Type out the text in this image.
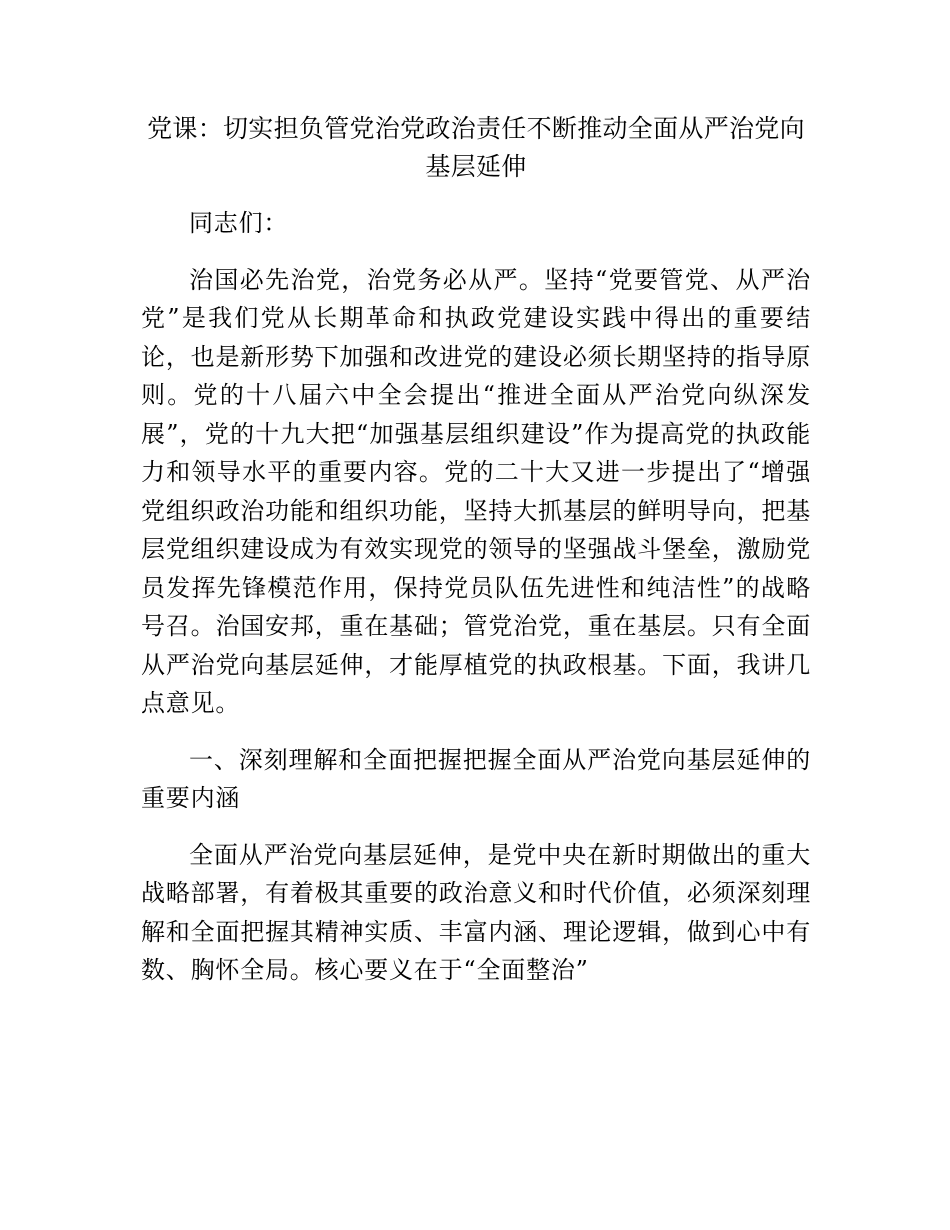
党课：切实担负管党治党政治责任不断推动全面从严治党向基层延伸

同志们：

治国必先治党，治党务必从严。坚持“党要管党、从严治党”是我们党从长期革命和执政党建设实践中得出的重要结论，也是新形势下加强和改进党的建设必须长期坚持的指导原则。党的十八届六中全会提出“推进全面从严治党向纵深发展”，党的十九大把“加强基层组织建设”作为提高党的执政能力和领导水平的重要内容。党的二十大又进一步提出了“增强党组织政治功能和组织功能，坚持大抓基层的鲜明导向，把基层党组织建设成为有效实现党的领导的坚强战斗堡垒，激励党员发挥先锋模范作用，保持党员队伍先进性和纯洁性”的战略号召。治国安邦，重在基础；管党治党，重在基层。只有全面从严治党向基层延伸，才能厚植党的执政根基。下面，我讲几点意见。

一、深刻理解和全面把握把握全面从严治党向基层延伸的重要内涵

全面从严治党向基层延伸，是党中央在新时期做出的重大战略部署，有着极其重要的政治意义和时代价值，必须深刻理解和全面把握其精神实质、丰富内涵、理论逻辑，做到心中有数、胸怀全局。核心要义在于“全面整治”
